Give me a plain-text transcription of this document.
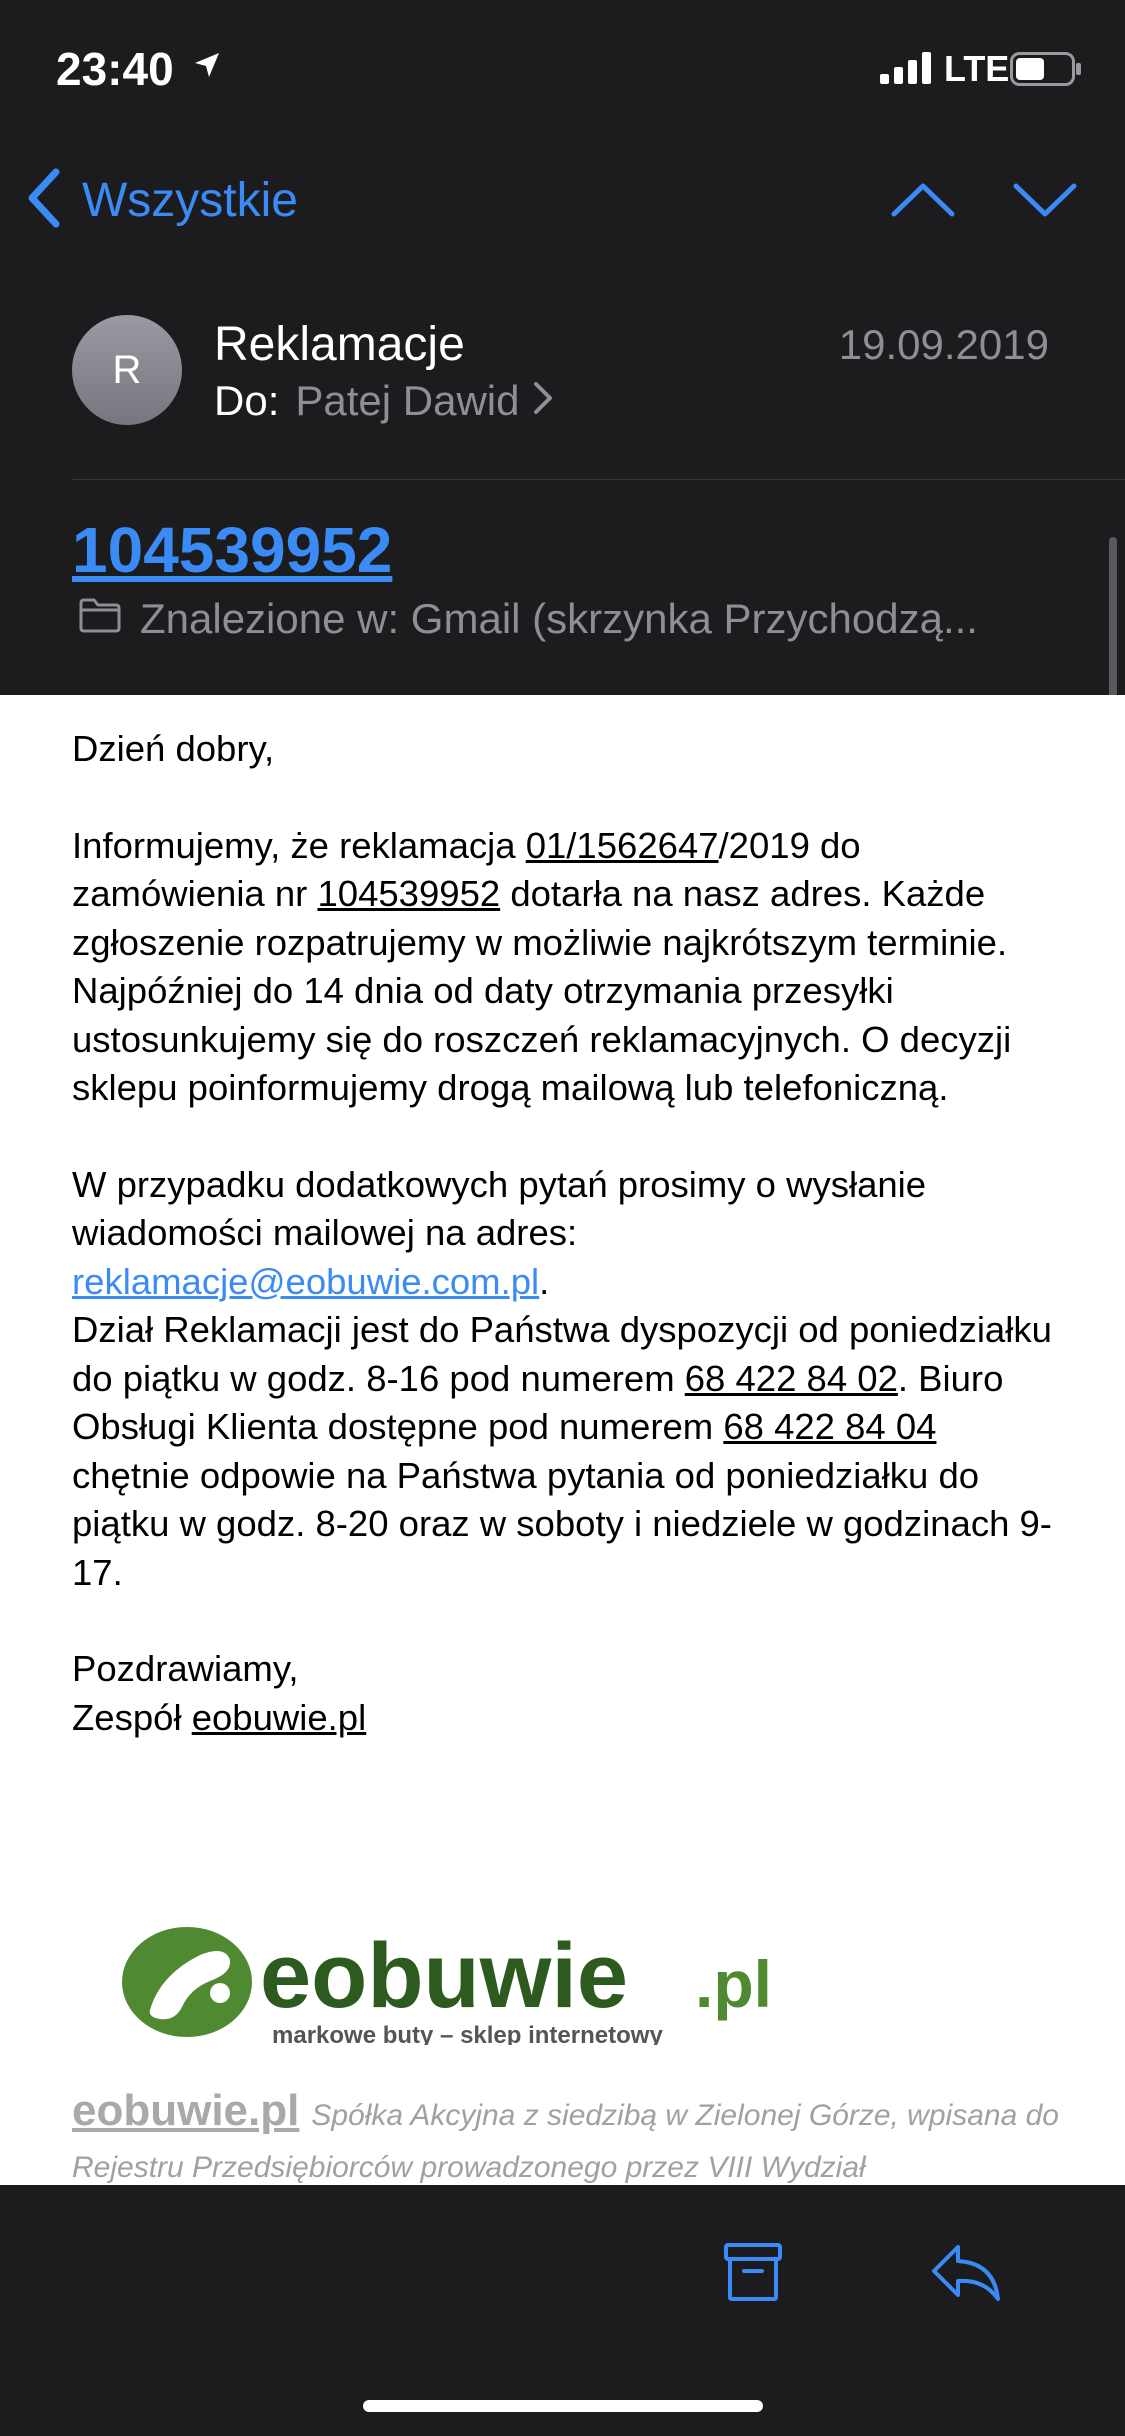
23:40	LTE
Wszystkie
R Reklamacje	19.09.2019
Do: Patej Dawid
104539952
Znalezione w: Gmail (skrzynka Przychodzą...

Dzień dobry,

Informujemy, że reklamacja 01/1562647/2019 do zamówienia nr 104539952 dotarła na nasz adres. Każde zgłoszenie rozpatrujemy w możliwie najkrótszym terminie. Najpóźniej do 14 dnia od daty otrzymania przesyłki ustosunkujemy się do roszczeń reklamacyjnych. O decyzji sklepu poinformujemy drogą mailową lub telefoniczną.

W przypadku dodatkowych pytań prosimy o wysłanie wiadomości mailowej na adres: reklamacje@eobuwie.com.pl.
Dział Reklamacji jest do Państwa dyspozycji od poniedziałku do piątku w godz. 8-16 pod numerem 68 422 84 02. Biuro Obsługi Klienta dostępne pod numerem 68 422 84 04 chętnie odpowie na Państwa pytania od poniedziałku do piątku w godz. 8-20 oraz w soboty i niedziele w godzinach 9-17.

Pozdrawiamy,
Zespół eobuwie.pl

eobuwie .pl
markowe buty – sklep internetowy
eobuwie.pl Spółka Akcyjna z siedzibą w Zielonej Górze, wpisana do Rejestru Przedsiębiorców prowadzonego przez VIII Wydział
